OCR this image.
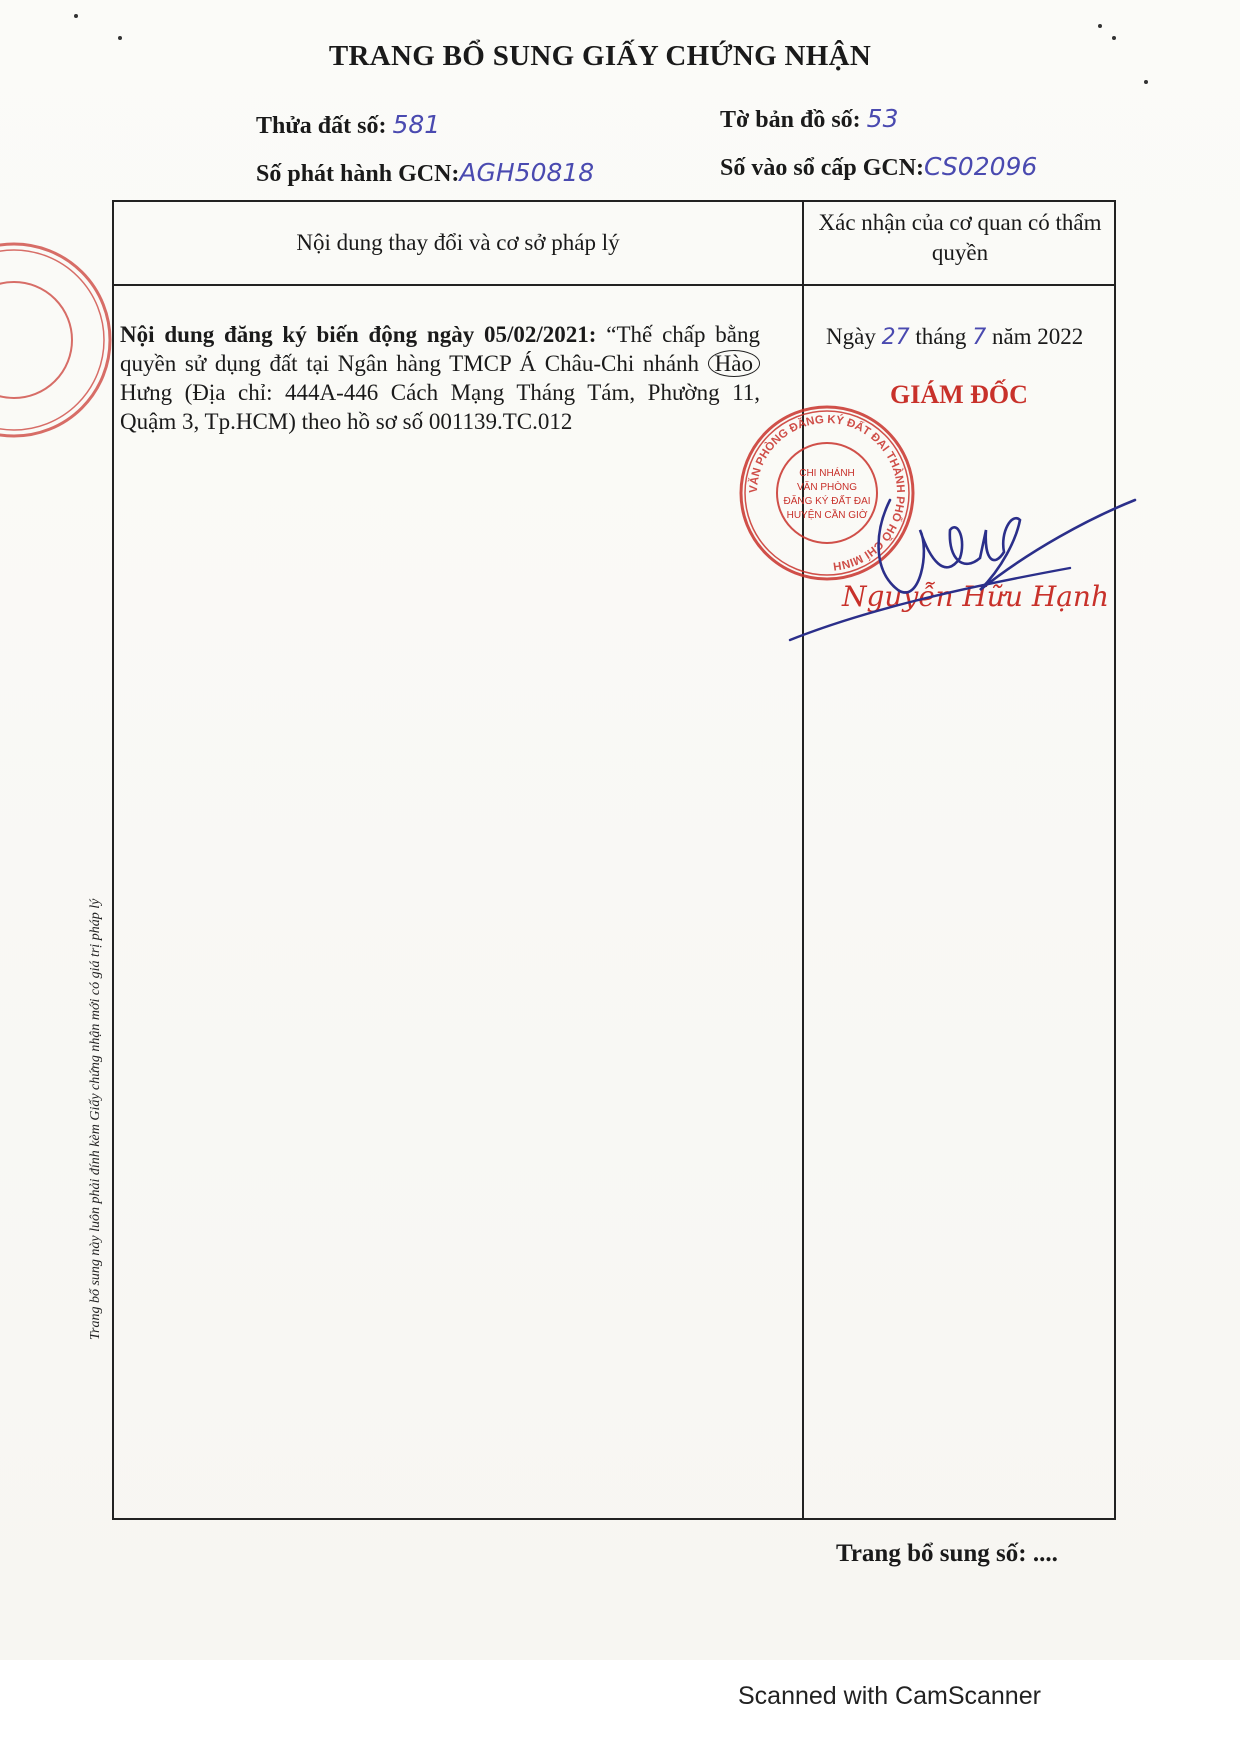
TRANG BỔ SUNG GIẤY CHỨNG NHẬN
Thửa đất số: 581	Tờ bản đồ số: 53
Số phát hành GCN:AGH50818	Số vào sổ cấp GCN:CS02096
Nội dung thay đổi và cơ sở pháp lý
Xác nhận của cơ quan có thẩm quyền
Nội dung đăng ký biến động ngày 05/02/2021: “Thế chấp bằng quyền sử dụng đất tại Ngân hàng TMCP Á Châu-Chi nhánh Hào Hưng (Địa chỉ: 444A-446 Cách Mạng Tháng Tám, Phường 11, Quậm 3, Tp.HCM) theo hồ sơ số 001139.TC.012
Ngày 27 tháng 7 năm 2022
GIÁM ĐỐC
Nguyễn Hữu Hạnh
VĂN PHÒNG ĐĂNG KÝ ĐẤT ĐAI THÀNH PHỐ HỒ CHÍ MINH
CHI NHÁNH
VĂN PHÒNG
ĐĂNG KÝ ĐẤT ĐAI
HUYỆN CẦN GIỜ
Trang bổ sung này luôn phải đính kèm Giấy chứng nhận mới có giá trị pháp lý
Trang bổ sung số: ....
Scanned with CamScanner
